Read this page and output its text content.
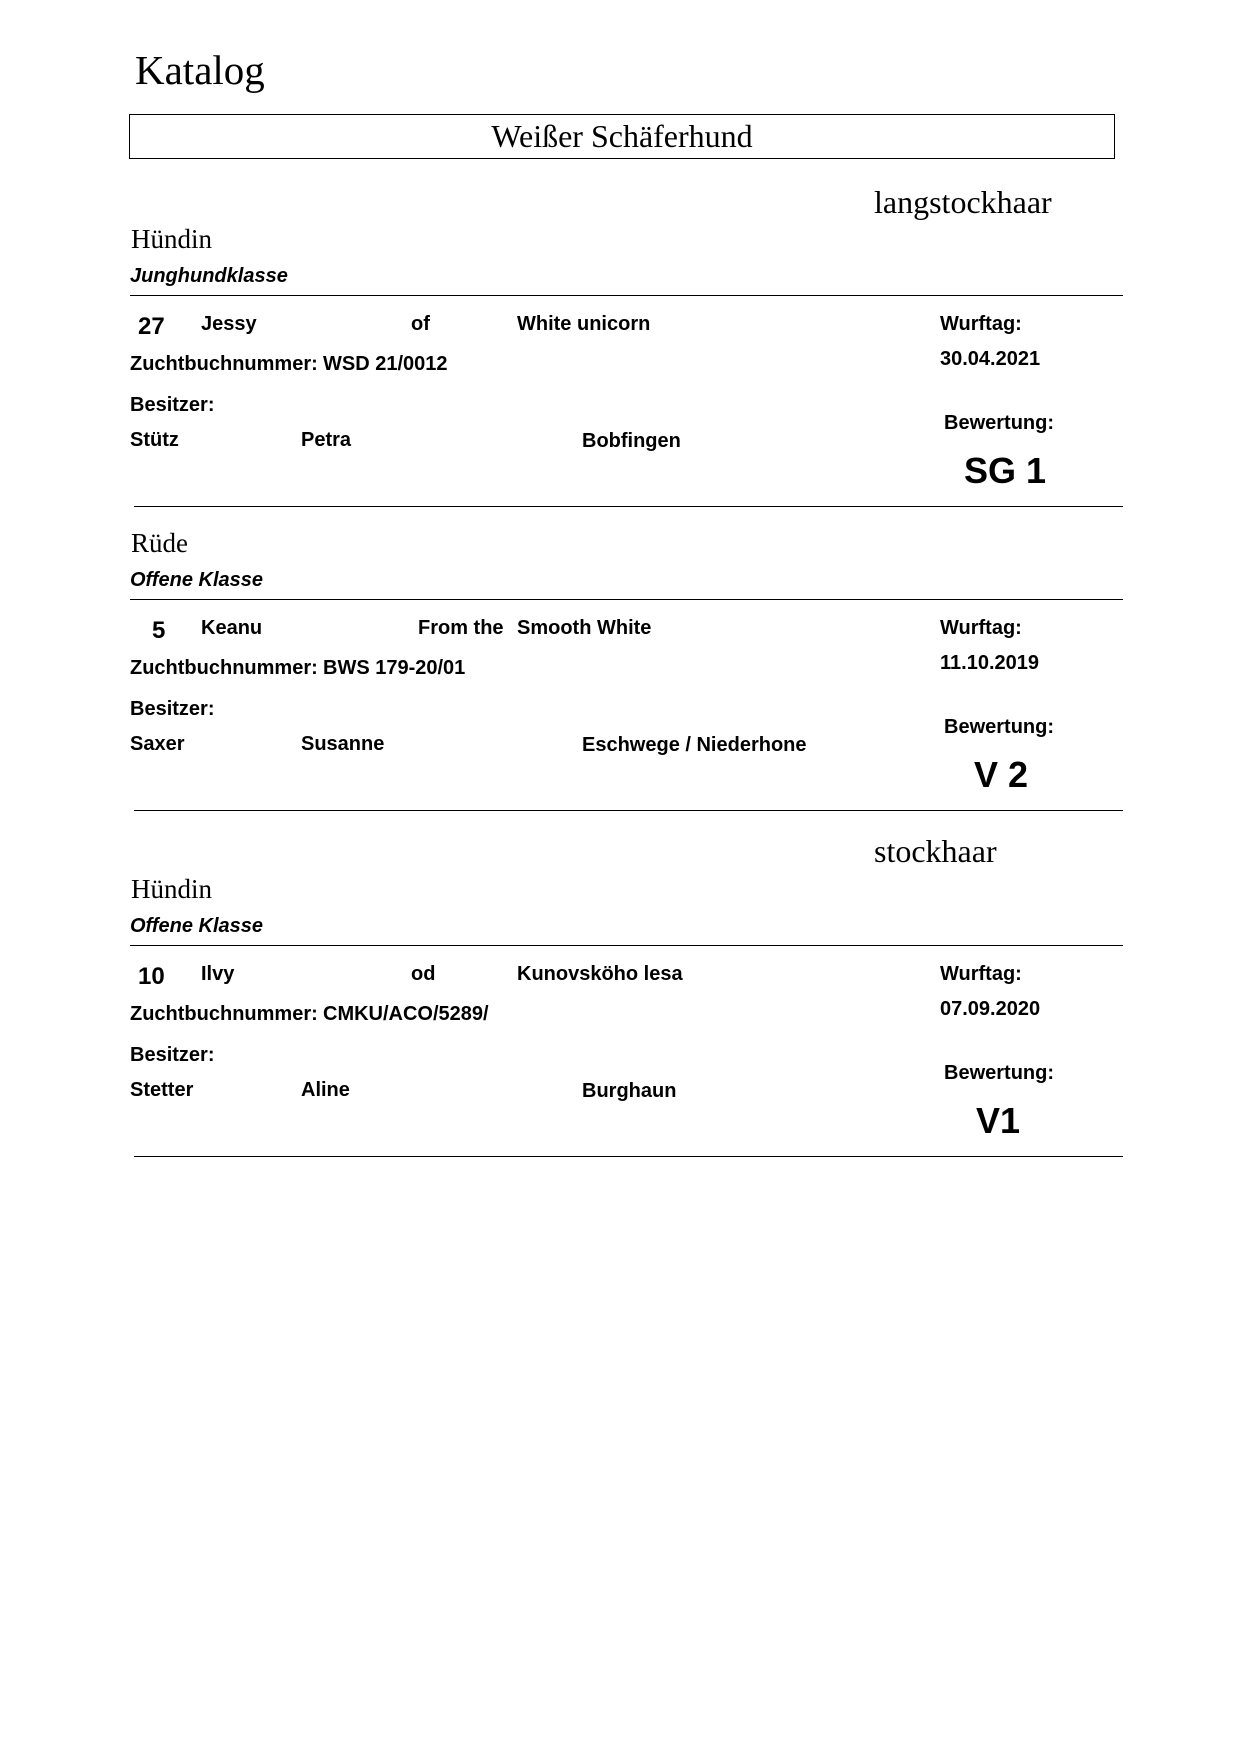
Katalog
Weißer Schäferhund
langstockhaar
Hündin
Junghundklasse
27 Jessy	of	White unicorn	Wurftag:
Zuchtbuchnummer: WSD 21/0012	30.04.2021
Besitzer:
Bewertung:
Stütz	Petra	Bobfingen
SG 1
Rüde
Offene Klasse
5 Keanu	From the Smooth White	Wurftag:
Zuchtbuchnummer: BWS 179-20/01	11.10.2019
Besitzer:
Bewertung:
Saxer	Susanne	Eschwege / Niederhone
V 2
stockhaar
Hündin
Offene Klasse
10 Ilvy	od	Kunovsköho lesa	Wurftag:
Zuchtbuchnummer: CMKU/ACO/5289/	07.09.2020
Besitzer:
Bewertung:
Stetter	Aline	Burghaun
V1
